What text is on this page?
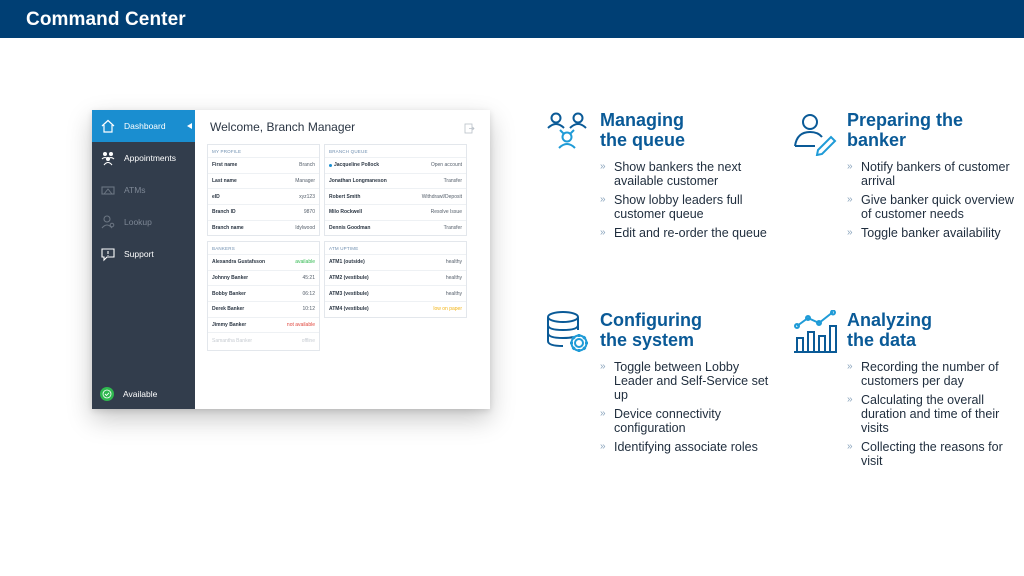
Command Center
Dashboard
Appointments
ATMs
Lookup
Support
Available
Welcome, Branch Manager
MY PROFILE
First name	Branch
Last name	Manager
eID	xyz123
Branch ID	9870
Branch name	Idylwood
BRANCH QUEUE
Jacqueline Pollock	Open account
Jonathan Longmaneson	Transfer
Robert Smith	Withdrawl/Deposit
Milo Rockwell	Resolve Issue
Dennis Goodman	Transfer
BANKERS
Alexandra Gustafsson	available
Johnny Banker	45:21
Bobby Banker	06:12
Derek Banker	10:12
Jimmy Banker	not available
Samantha Banker	offline
ATM UPTIME
ATM1 (outside)	healthy
ATM2 (vestibule)	healthy
ATM3 (vestibule)	healthy
ATM4 (vestibule)	low on paper
Managing
the queue
» Show bankers the next available customer
» Show lobby leaders full customer queue
» Edit and re-order the queue
Preparing the
banker
» Notify bankers of customer arrival
» Give banker quick overview of customer needs
» Toggle banker availability
Configuring
the system
» Toggle between Lobby Leader and Self-Service set up
» Device connectivity configuration
» Identifying associate roles
Analyzing
the data
» Recording the number of customers per day
» Calculating the overall duration and time of their visits
» Collecting the reasons for visit
